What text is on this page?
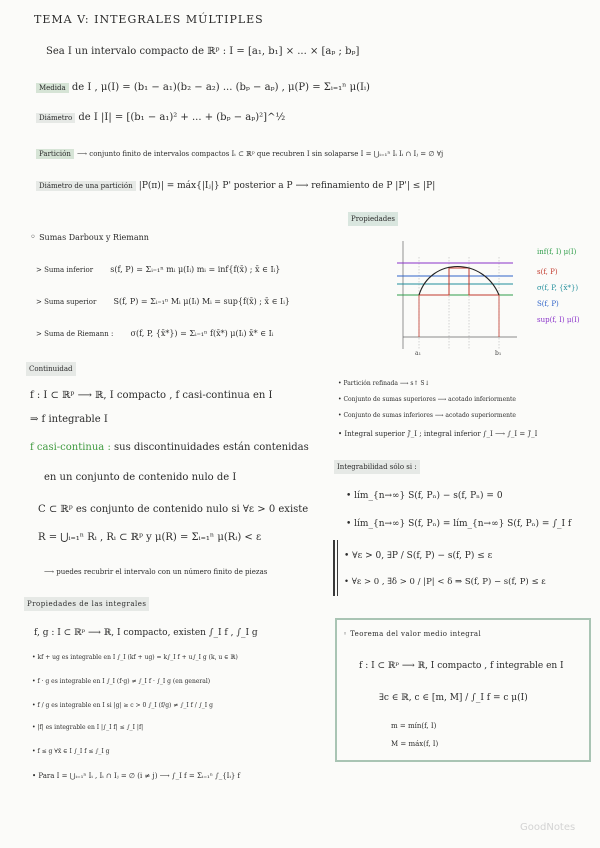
TEMA V: INTEGRALES MÚLTIPLES
Sea I un intervalo compacto de ℝᵖ : I = [a₁, b₁] × ... × [aₚ ; bₚ]
Medida de I , μ(I) = (b₁ − a₁)(b₂ − a₂) ... (bₚ − aₚ) , μ(P) = Σᵢ₌₁ⁿ μ(Iᵢ)
Diámetro de I |I| = [(b₁ − a₁)² + ... + (bₚ − aₚ)²]^½
Partición ⟶ conjunto finito de intervalos compactos Iᵢ ⊂ ℝᵖ que recubren I sin solaparse I = ⋃ᵢ₌₁ⁿ Iᵢ Iᵢ ∩ Iⱼ = ∅ ∀j
Diámetro de una partición |P(π)| = máx{|Iⱼ|} P' posterior a P ⟶ refinamiento de P |P'| ≤ |P|
Propiedades
◦ Sumas Darboux y Riemann
> Suma inferior s(f, P) = Σᵢ₌₁ⁿ mᵢ μ(Iᵢ) mᵢ = inf{f(x̄) ; x̄ ∈ Iᵢ}
> Suma superior S(f, P) = Σᵢ₌₁ⁿ Mᵢ μ(Iᵢ) Mᵢ = sup{f(x̄) ; x̄ ∈ Iᵢ}
> Suma de Riemann : σ(f, P, {x̄*}) = Σᵢ₌₁ⁿ f(x̄*) μ(Iᵢ) x̄* ∈ Iᵢ
a₁	b₁
inf(f, I) μ(I)
s(f, P)
σ(f, P, {x̄*})
S(f, P)
sup(f, I) μ(I)
Continuidad
f : I ⊂ ℝᵖ ⟶ ℝ, I compacto , f casi-continua en I
⇒ f integrable I
f casi-continua : sus discontinuidades están contenidas
en un conjunto de contenido nulo de I
C ⊂ ℝᵖ es conjunto de contenido nulo si ∀ε > 0 existe
R = ⋃ᵢ₌₁ⁿ Rᵢ , Rᵢ ⊂ ℝᵖ y μ(R) = Σᵢ₌₁ⁿ μ(Rᵢ) < ε
⟶ puedes recubrir el intervalo con un número finito de piezas
• Partición refinada ⟶ s↑ S↓
• Conjunto de sumas superiores ⟶ acotado inferiormente
• Conjunto de sumas inferiores ⟶ acotado superiormente
• Integral superior ∫̄_I ; integral inferior ∫_I ⟶ ∫_I = ∫̄_I
Integrabilidad sólo si :
• lím_{n→∞} S(f, Pₙ) − s(f, Pₙ) = 0
• lím_{n→∞} S(f, Pₙ) = lím_{n→∞} S(f, Pₙ) = ∫_I f
• ∀ε > 0, ∃P / S(f, P) − s(f, P) ≤ ε
• ∀ε > 0 , ∃δ > 0 / |P| < δ ⇒ S(f, P) − s(f, P) ≤ ε
Propiedades de las integrales
f, g : I ⊂ ℝᵖ ⟶ ℝ, I compacto, existen ∫_I f , ∫_I g
• kf + ug es integrable en I ∫_I (kf + ug) = k∫_I f + u∫_I g (k, u ∈ ℝ)
• f · g es integrable en I ∫_I (f·g) ≠ ∫_I f · ∫_I g (en general)
• f / g es integrable en I si |g| ≥ c > 0 ∫_I (f/g) ≠ ∫_I f / ∫_I g
• |f| es integrable en I |∫_I f| ≤ ∫_I |f|
• f ≤ g ∀x̄ ∈ I ∫_I f ≤ ∫_I g
• Para I = ⋃ᵢ₌₁ⁿ Iᵢ , Iᵢ ∩ Iⱼ = ∅ (i ≠ j) ⟶ ∫_I f = Σᵢ₌₁ⁿ ∫_{Iᵢ} f
◦ Teorema del valor medio integral
f : I ⊂ ℝᵖ ⟶ ℝ, I compacto , f integrable en I
∃c ∈ ℝ, c ∈ [m, M] / ∫_I f = c μ(I)
m = mín(f, I)
M = máx(f, I)
GoodNotes
